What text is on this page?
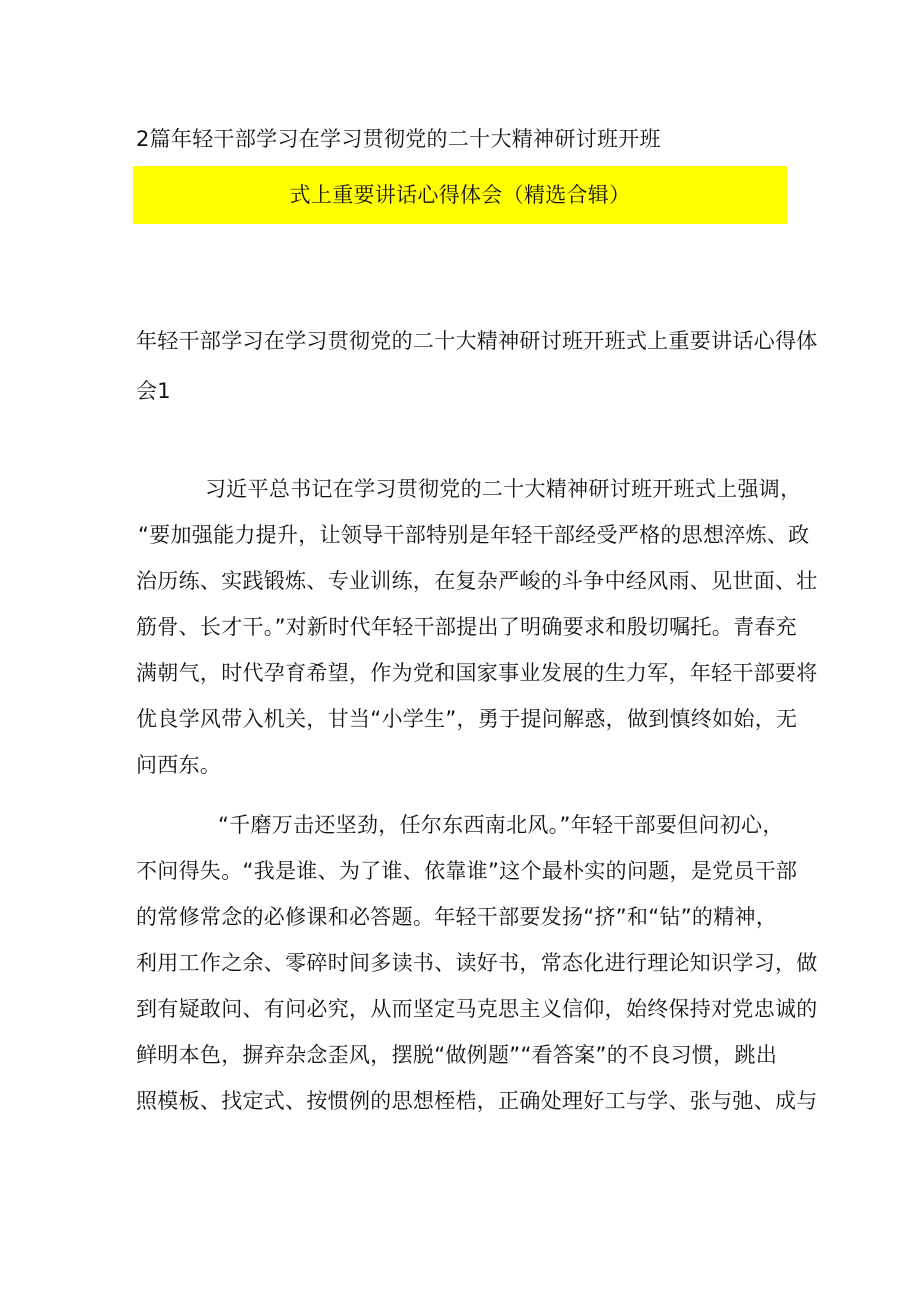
2篇年轻干部学习在学习贯彻党的二十大精神研讨班开班
式上重要讲话心得体会（精选合辑）
年轻干部学习在学习贯彻党的二十大精神研讨班开班式上重要讲话心得体
会1
习近平总书记在学习贯彻党的二十大精神研讨班开班式上强调，
“要加强能力提升，让领导干部特别是年轻干部经受严格的思想淬炼、政
治历练、实践锻炼、专业训练，在复杂严峻的斗争中经风雨、见世面、壮
筋骨、长才干。”对新时代年轻干部提出了明确要求和殷切嘱托。青春充
满朝气，时代孕育希望，作为党和国家事业发展的生力军，年轻干部要将
优良学风带入机关，甘当“小学生”，勇于提问解惑，做到慎终如始，无
问西东。
“千磨万击还坚劲，任尔东西南北风。”年轻干部要但问初心，
不问得失。“我是谁、为了谁、依靠谁”这个最朴实的问题，是党员干部
的常修常念的必修课和必答题。年轻干部要发扬“挤”和“钻”的精神，
利用工作之余、零碎时间多读书、读好书，常态化进行理论知识学习，做
到有疑敢问、有问必究，从而坚定马克思主义信仰，始终保持对党忠诚的
鲜明本色，摒弃杂念歪风，摆脱“做例题”“看答案”的不良习惯，跳出
照模板、找定式、按惯例的思想桎梏，正确处理好工与学、张与弛、成与
